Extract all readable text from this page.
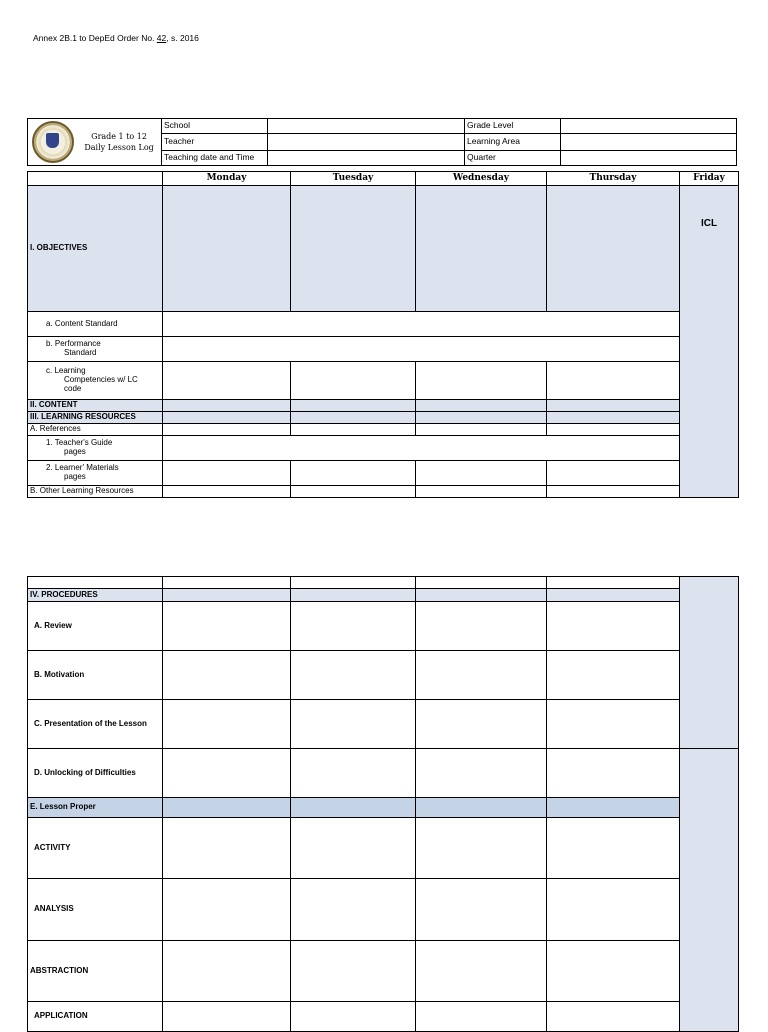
Annex 2B.1 to DepEd Order No. 42, s. 2016
Grade 1 to 12
Daily Lesson Log	School		Grade Level	
	Teacher		Learning Area	
	Teaching date and Time		Quarter	
	Monday	Tuesday	Wednesday	Thursday	Friday
I. OBJECTIVES					ICL
a. Content Standard					
b. Performance
Standard					
c. Learning
Competencies w/ LC
code					
II. CONTENT					
III. LEARNING RESOURCES					
A. References					
1. Teacher's Guide
pages					
2. Learner' Materials
pages					
B. Other Learning Resources					

IV. PROCEDURES					
A. Review					
B. Motivation					
C. Presentation of the Lesson					
D. Unlocking of Difficulties					
E. Lesson Proper					
ACTIVITY					
ANALYSIS					
ABSTRACTION					
APPLICATION					
